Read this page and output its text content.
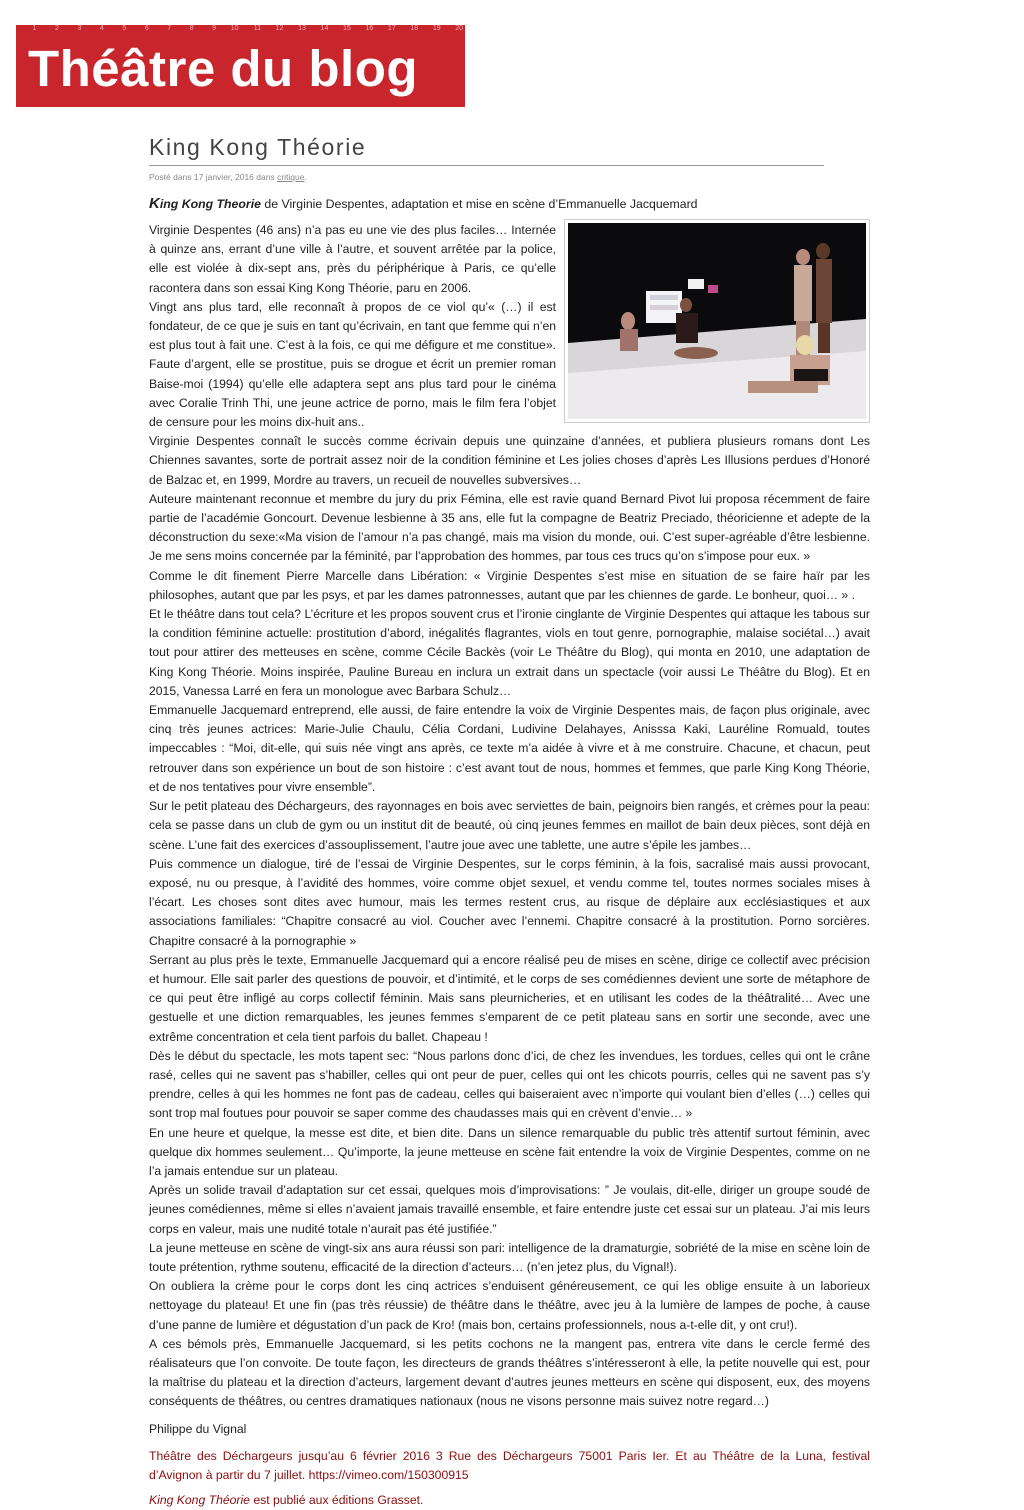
1	2	3	4	5	6	7	8	9	10	11	12	13	14	15	16	17	18	19	20
Théâtre du blog
King Kong Théorie
Posté dans 17 janvier, 2016 dans critique.
King Kong Theorie de Virginie Despentes, adaptation et mise en scène d’Emmanuelle Jacquemard

Virginie Despentes (46 ans) n’a pas eu une vie des plus faciles… Internée à quinze ans, errant d’une ville à l’autre, et souvent arrêtée par la police, elle est violée à dix-sept ans, près du périphérique à Paris, ce qu’elle racontera dans son essai King Kong Théorie, paru en 2006.

Vingt ans plus tard, elle reconnaît à propos de ce viol qu’« (…) il est fondateur, de ce que je suis en tant qu’écrivain, en tant que femme qui n’en est plus tout à fait une. C’est à la fois, ce qui me défigure et me constitue». Faute d’argent, elle se prostitue, puis se drogue et écrit un premier roman Baise-moi (1994) qu’elle elle adaptera sept ans plus tard pour le cinéma avec Coralie Trinh Thi, une jeune actrice de porno, mais le film fera l’objet de censure pour les moins dix-huit ans..

Virginie Despentes connaît le succès comme écrivain depuis une quinzaine d’années, et publiera plusieurs romans dont Les Chiennes savantes, sorte de portrait assez noir de la condition féminine et Les jolies choses d’après Les Illusions perdues d’Honoré de Balzac et, en 1999, Mordre au travers, un recueil de nouvelles subversives…

Auteure maintenant reconnue et membre du jury du prix Fémina, elle est ravie quand Bernard Pivot lui proposa récemment de faire partie de l’académie Goncourt. Devenue lesbienne à 35 ans, elle fut la compagne de Beatriz Preciado, théoricienne et adepte de la déconstruction du sexe:«Ma vision de l’amour n’a pas changé, mais ma vision du monde, oui. C’est super-agréable d’être lesbienne. Je me sens moins concernée par la féminité, par l’approbation des hommes, par tous ces trucs qu’on s’impose pour eux. »

Comme le dit finement Pierre Marcelle dans Libération: « Virginie Despentes s’est mise en situation de se faire haïr par les philosophes, autant que par les psys, et par les dames patronnesses, autant que par les chiennes de garde. Le bonheur, quoi… » .

Et le théâtre dans tout cela? L’écriture et les propos souvent crus et l’ironie cinglante de Virginie Despentes qui attaque les tabous sur la condition féminine actuelle: prostitution d’abord, inégalités flagrantes, viols en tout genre, pornographie, malaise sociétal…) avait tout pour attirer des metteuses en scène, comme Cécile Backès (voir Le Théâtre du Blog), qui monta en 2010, une adaptation de King Kong Théorie. Moins inspirée, Pauline Bureau en inclura un extrait dans un spectacle (voir aussi Le Théâtre du Blog). Et en 2015, Vanessa Larré en fera un monologue avec Barbara Schulz…

Emmanuelle Jacquemard entreprend, elle aussi, de faire entendre la voix de Virginie Despentes mais, de façon plus originale, avec cinq très jeunes actrices: Marie-Julie Chaulu, Célia Cordani, Ludivine Delahayes, Anisssa Kaki, Lauréline Romuald, toutes impeccables : “Moi, dit-elle, qui suis née vingt ans après, ce texte m’a aidée à vivre et à me construire. Chacune, et chacun, peut retrouver dans son expérience un bout de son histoire : c’est avant tout de nous, hommes et femmes, que parle King Kong Théorie, et de nos tentatives pour vivre ensemble”.

Sur le petit plateau des Déchargeurs, des rayonnages en bois avec serviettes de bain, peignoirs bien rangés, et crèmes pour la peau: cela se passe dans un club de gym ou un institut dit de beauté, où cinq jeunes femmes en maillot de bain deux pièces, sont déjà en scène. L’une fait des exercices d’assouplissement, l’autre joue avec une tablette, une autre s’épile les jambes…

Puis commence un dialogue, tiré de l’essai de Virginie Despentes, sur le corps féminin, à la fois, sacralisé mais aussi provocant, exposé, nu ou presque, à l’avidité des hommes, voire comme objet sexuel, et vendu comme tel, toutes normes sociales mises à l’écart. Les choses sont dites avec humour, mais les termes restent crus, au risque de déplaire aux ecclésiastiques et aux associations familiales: “Chapitre consacré au viol. Coucher avec l’ennemi. Chapitre consacré à la prostitution. Porno sorcières. Chapitre consacré à la pornographie »

Serrant au plus près le texte, Emmanuelle Jacquemard qui a encore réalisé peu de mises en scène, dirige ce collectif avec précision et humour. Elle sait parler des questions de pouvoir, et d’intimité, et le corps de ses comédiennes devient une sorte de métaphore de ce qui peut être infligé au corps collectif féminin. Mais sans pleurnicheries, et en utilisant les codes de la théâtralité… Avec une gestuelle et une diction remarquables, les jeunes femmes s’emparent de ce petit plateau sans en sortir une seconde, avec une extrême concentration et cela tient parfois du ballet. Chapeau !

Dès le début du spectacle, les mots tapent sec: “Nous parlons donc d’ici, de chez les invendues, les tordues, celles qui ont le crâne rasé, celles qui ne savent pas s’habiller, celles qui ont peur de puer, celles qui ont les chicots pourris, celles qui ne savent pas s’y prendre, celles à qui les hommes ne font pas de cadeau, celles qui baiseraient avec n’importe qui voulant bien d’elles (…) celles qui sont trop mal foutues pour pouvoir se saper comme des chaudasses mais qui en crèvent d’envie… »

En une heure et quelque, la messe est dite, et bien dite. Dans un silence remarquable du public très attentif surtout féminin, avec quelque dix hommes seulement… Qu’importe, la jeune metteuse en scène fait entendre la voix de Virginie Despentes, comme on ne l’a jamais entendue sur un plateau.

Après un solide travail d’adaptation sur cet essai, quelques mois d’improvisations: ” Je voulais, dit-elle, diriger un groupe soudé de jeunes comédiennes, même si elles n’avaient jamais travaillé ensemble, et faire entendre juste cet essai sur un plateau. J’ai mis leurs corps en valeur, mais une nudité totale n’aurait pas été justifiée.”

La jeune metteuse en scène de vingt-six ans aura réussi son pari: intelligence de la dramaturgie, sobriété de la mise en scène loin de toute prétention, rythme soutenu, efficacité de la direction d’acteurs… (n’en jetez plus, du Vignal!).

On oubliera la crème pour le corps dont les cinq actrices s’enduisent généreusement, ce qui les oblige ensuite à un laborieux nettoyage du plateau! Et une fin (pas très réussie) de théâtre dans le théâtre, avec jeu à la lumière de lampes de poche, à cause d’une panne de lumière et dégustation d’un pack de Kro! (mais bon, certains professionnels, nous a-t-elle dit, y ont cru!).

A ces bémols près, Emmanuelle Jacquemard, si les petits cochons ne la mangent pas, entrera vite dans le cercle fermé des réalisateurs que l’on convoite. De toute façon, les directeurs de grands théâtres s’intéresseront à elle, la petite nouvelle qui est, pour la maîtrise du plateau et la direction d’acteurs, largement devant d’autres jeunes metteurs en scène qui disposent, eux, des moyens conséquents de théâtres, ou centres dramatiques nationaux (nous ne visons personne mais suivez notre regard…)

Philippe du Vignal
Théâtre des Déchargeurs jusqu’au 6 février 2016 3 Rue des Déchargeurs 75001 Paris Ier. Et au Théâtre de la Luna, festival d’Avignon à partir du 7 juillet. https://vimeo.com/150300915
King Kong Théorie est publié aux éditions Grasset.
